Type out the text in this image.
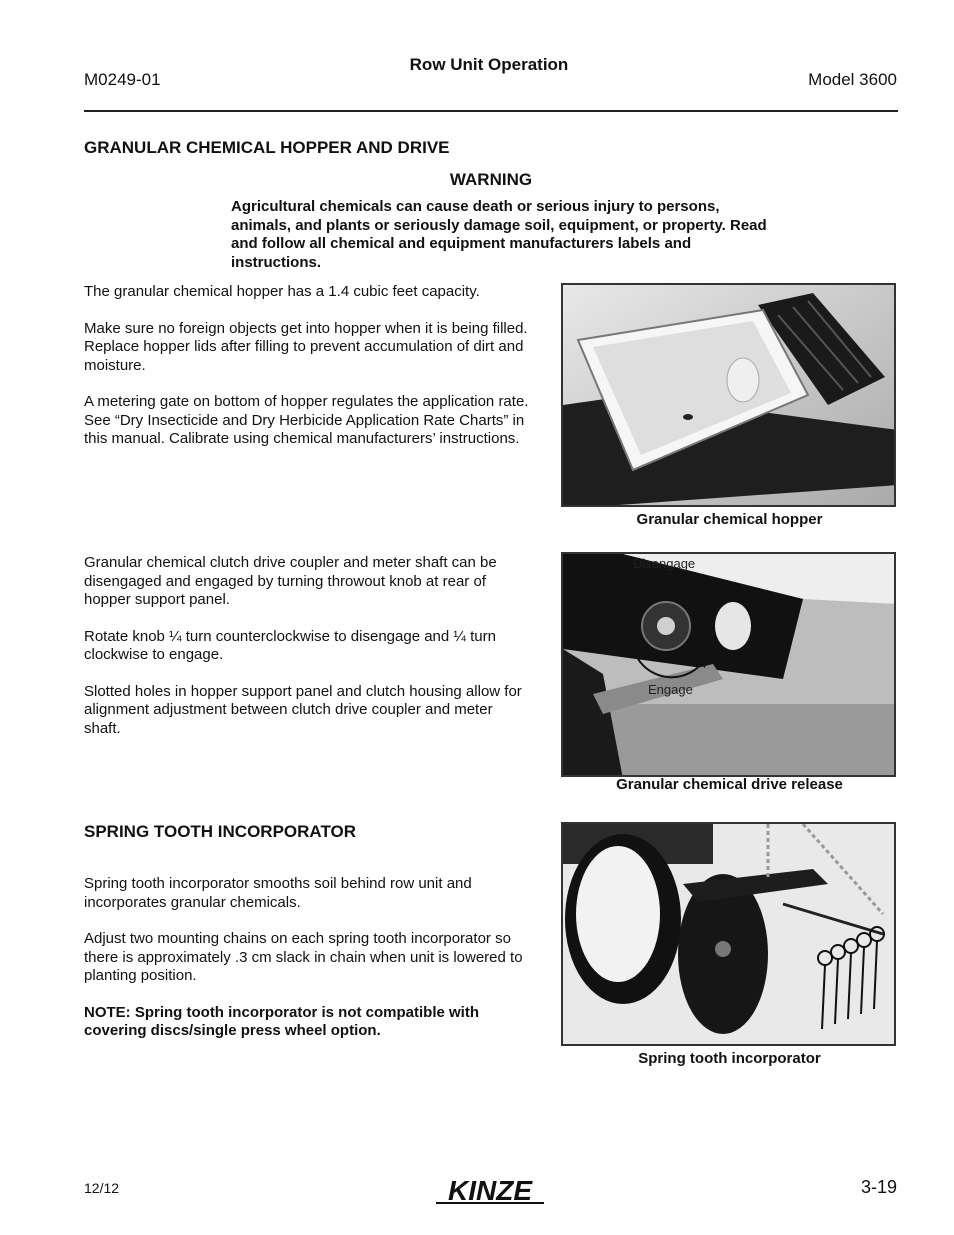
M0249-01
Row Unit Operation
Model 3600
GRANULAR CHEMICAL HOPPER AND DRIVE
WARNING
Agricultural chemicals can cause death or serious injury to persons, animals, and plants or seriously damage soil, equipment, or property. Read and follow all chemical and equipment manufacturers labels and instructions.

The granular chemical hopper has a 1.4 cubic feet capacity.

Make sure no foreign objects get into hopper when it is being filled. Replace hopper lids after filling to prevent accumulation of dirt and moisture.

A metering gate on bottom of hopper regulates the application rate. See “Dry Insecticide and Dry Herbicide Application Rate Charts” in this manual. Calibrate using chemical manufacturers’ instructions.

Granular chemical hopper

Granular chemical clutch drive coupler and meter shaft can be disengaged and engaged by turning throwout knob at rear of hopper support panel.

Rotate knob ¼ turn counterclockwise to disengage and ¼ turn clockwise to engage.

Slotted holes in hopper support panel and clutch housing allow for alignment adjustment between clutch drive coupler and meter shaft.

Disengage
Engage
Granular chemical drive release
SPRING TOOTH INCORPORATOR

Spring tooth incorporator smooths soil behind row unit and incorporates granular chemicals.

Adjust two mounting chains on each spring tooth incorporator so there is approximately .3 cm slack in chain when unit is lowered to planting position.

NOTE: Spring tooth incorporator is not compatible with covering discs/single press wheel option.

Spring tooth incorporator
12/12	KINZE	3-19
